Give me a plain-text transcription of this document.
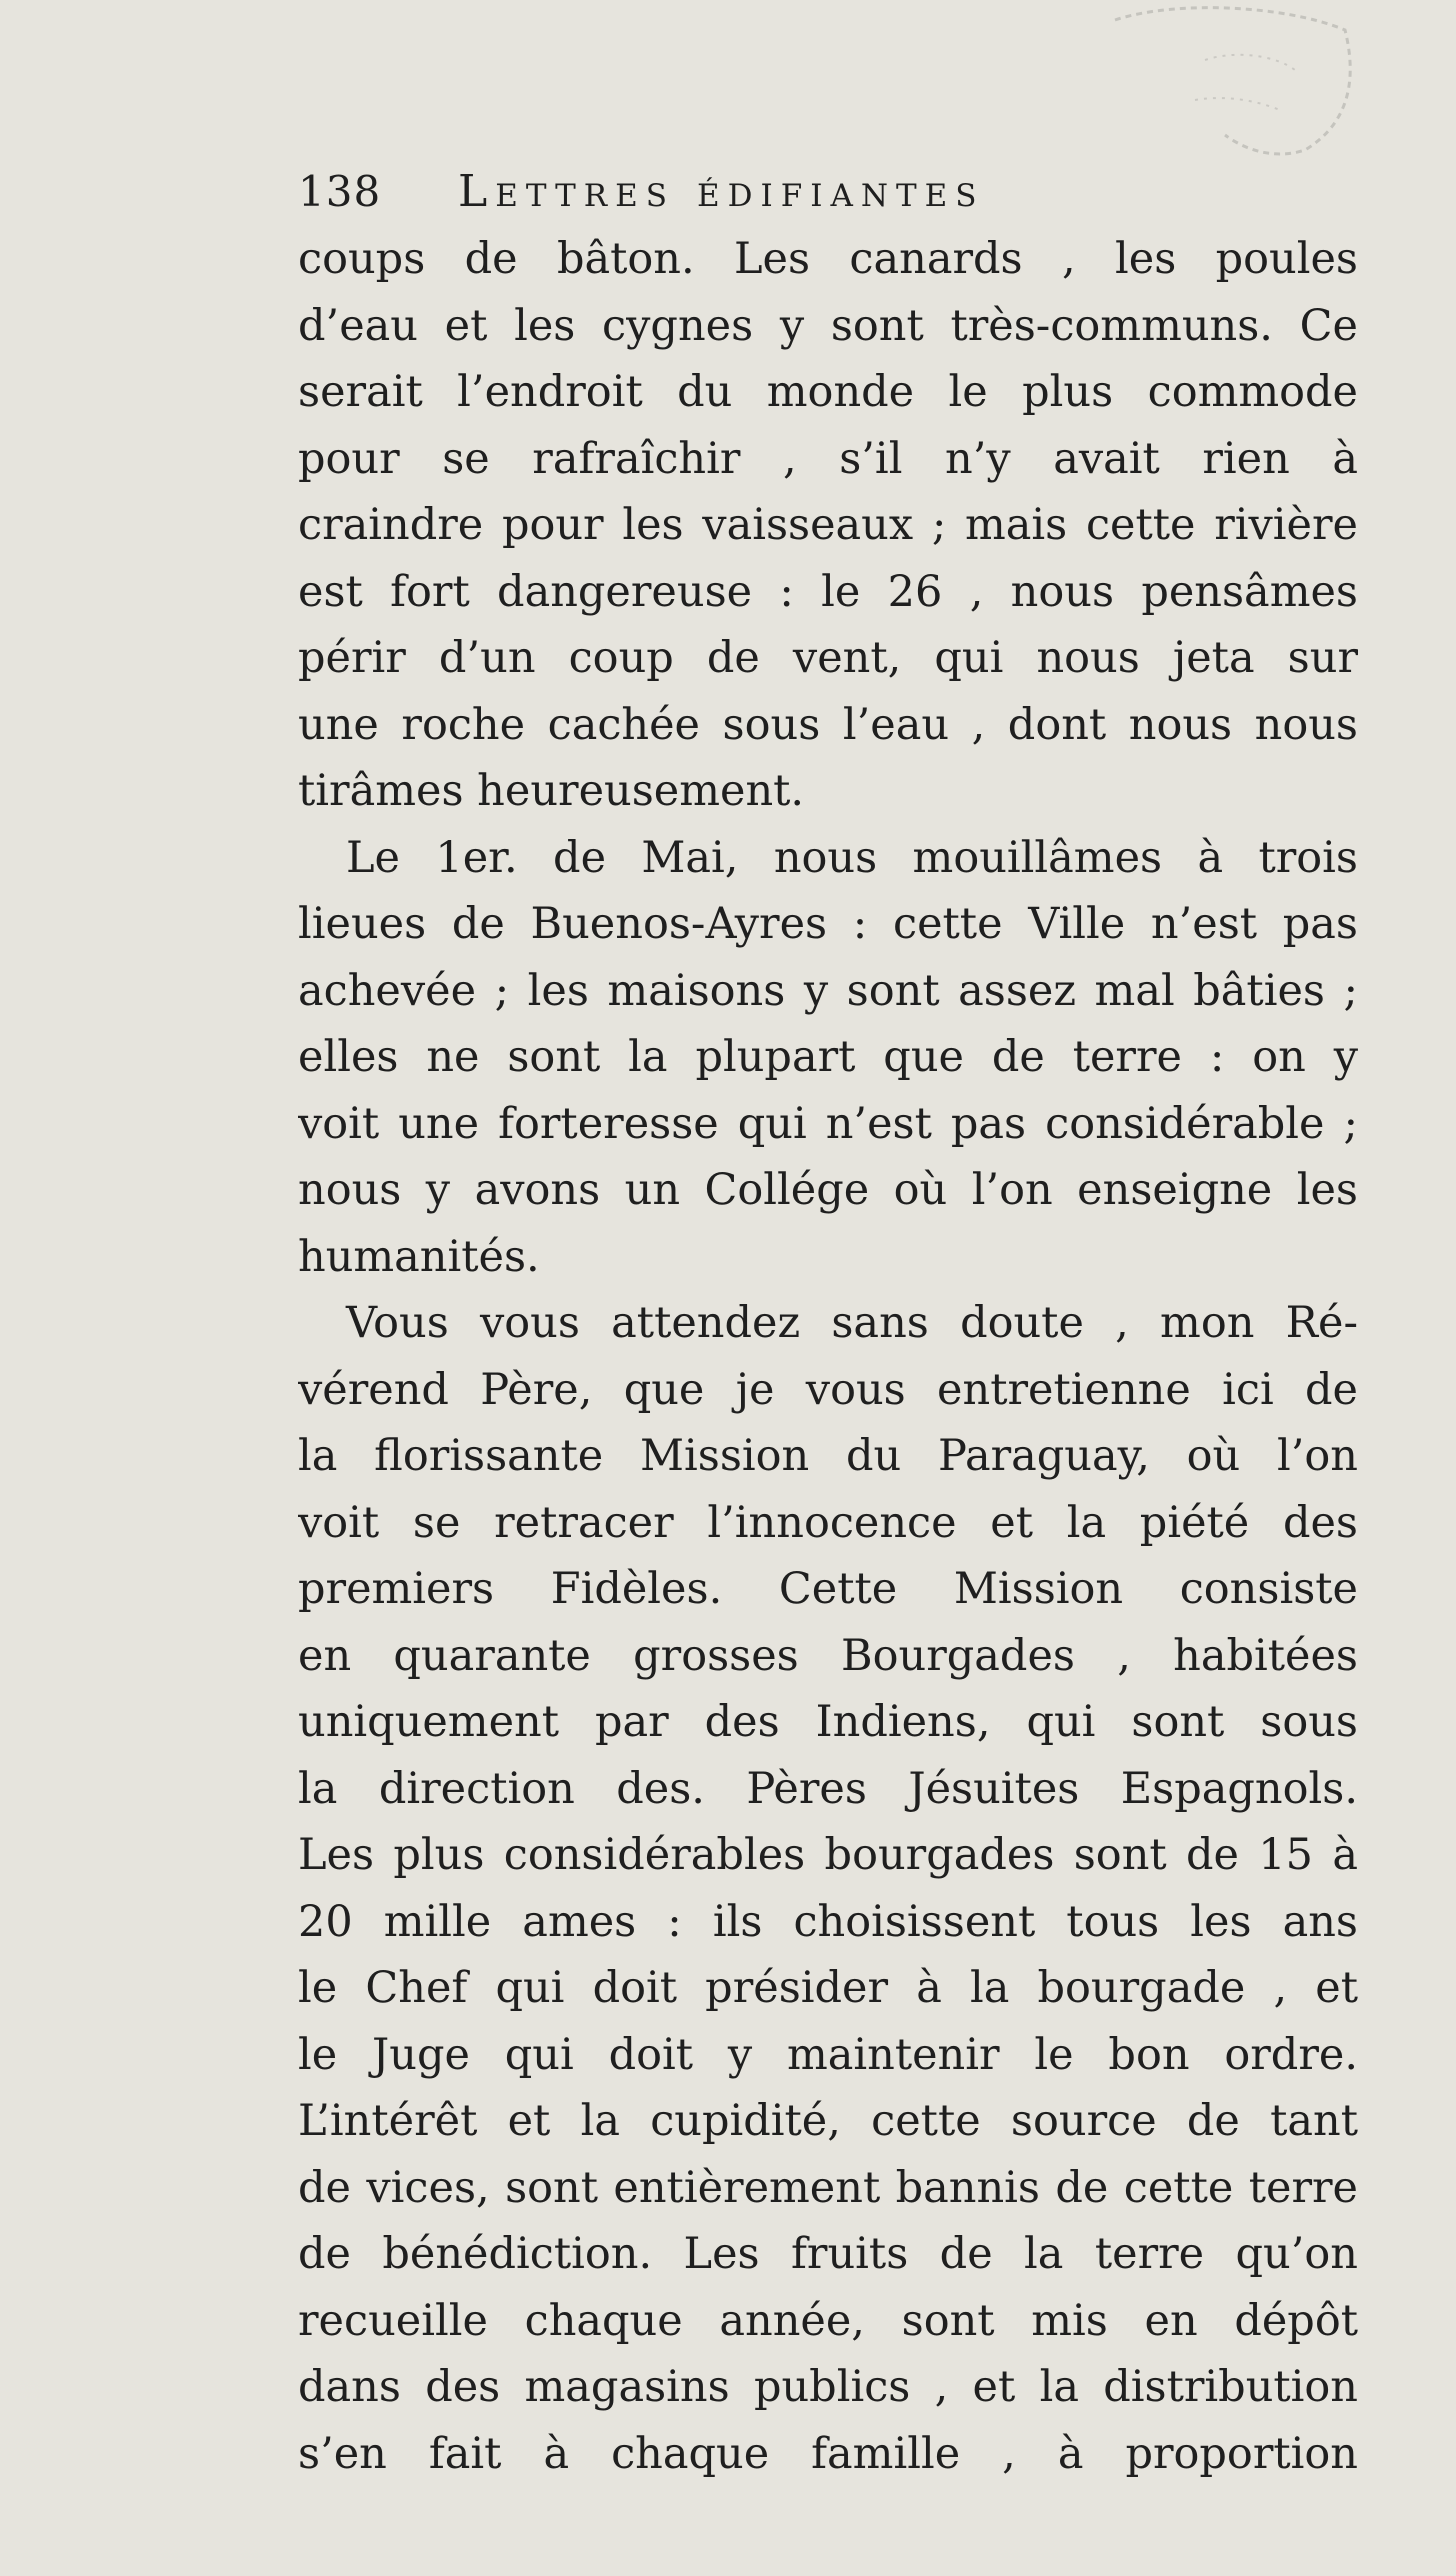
138	Lettres édifiantes
coups de bâton. Les canards , les poules
d’eau et les cygnes y sont très-communs. Ce
serait l’endroit du monde le plus commode
pour se rafraîchir , s’il n’y avait rien à
craindre pour les vaisseaux ; mais cette rivière
est fort dangereuse : le 26 , nous pensâmes
périr d’un coup de vent, qui nous jeta sur
une roche cachée sous l’eau , dont nous nous
tirâmes heureusement.
Le 1er. de Mai, nous mouillâmes à trois
lieues de Buenos-Ayres : cette Ville n’est pas
achevée ; les maisons y sont assez mal bâties ;
elles ne sont la plupart que de terre : on y
voit une forteresse qui n’est pas considérable ;
nous y avons un Collége où l’on enseigne les
humanités.
Vous vous attendez sans doute , mon Ré-
vérend Père, que je vous entretienne ici de
la florissante Mission du Paraguay, où l’on
voit se retracer l’innocence et la piété des
premiers Fidèles. Cette Mission consiste
en quarante grosses Bourgades , habitées
uniquement par des Indiens, qui sont sous
la direction des. Pères Jésuites Espagnols.
Les plus considérables bourgades sont de 15 à
20 mille ames : ils choisissent tous les ans
le Chef qui doit présider à la bourgade , et
le Juge qui doit y maintenir le bon ordre.
L’intérêt et la cupidité, cette source de tant
de vices, sont entièrement bannis de cette terre
de bénédiction. Les fruits de la terre qu’on
recueille chaque année, sont mis en dépôt
dans des magasins publics , et la distribution
s’en fait à chaque famille , à proportion
